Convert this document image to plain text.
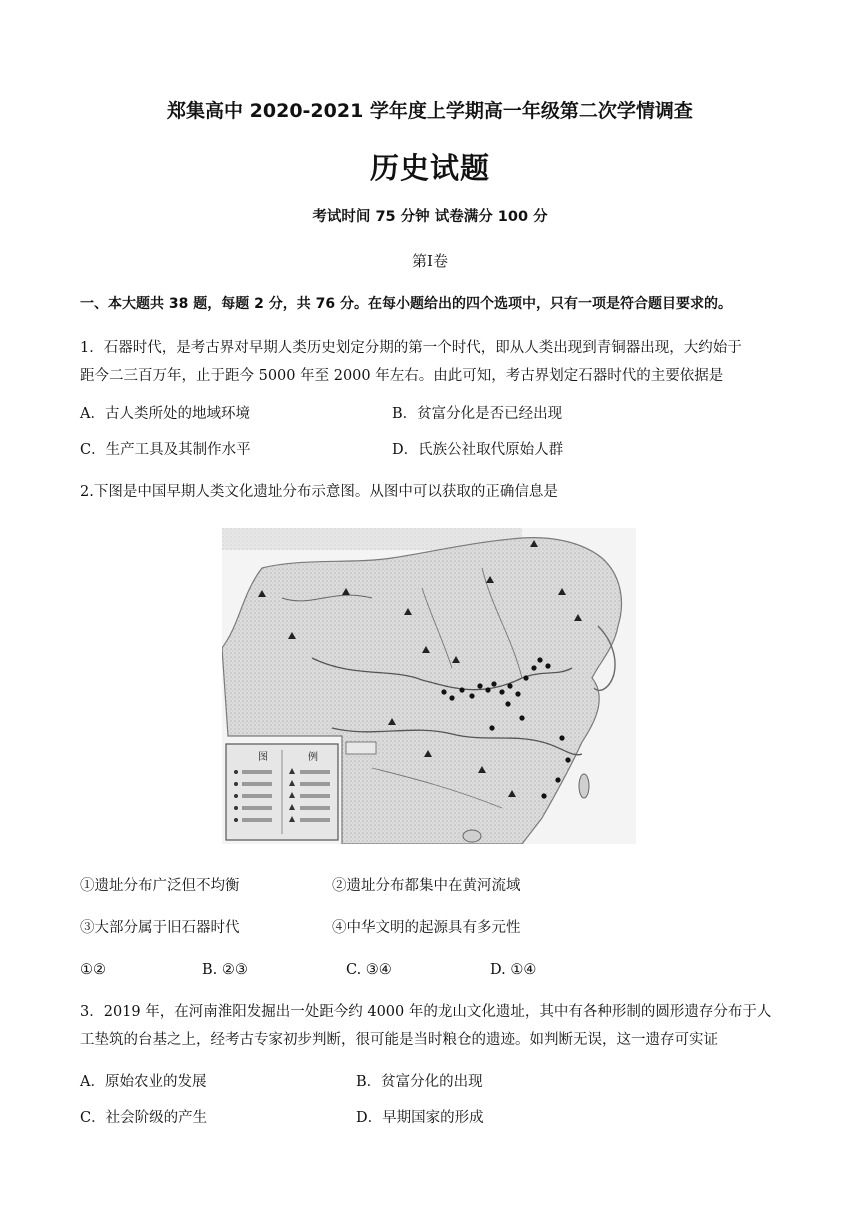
郑集高中 2020-2021 学年度上学期高一年级第二次学情调查
历史试题
考试时间 75 分钟 试卷满分 100 分
第Ⅰ卷
一、本大题共 38 题，每题 2 分，共 76 分。在每小题给出的四个选项中，只有一项是符合题目要求的。
1．石器时代，是考古界对早期人类历史划定分期的第一个时代，即从人类出现到青铜器出现，大约始于
距今二三百万年，止于距今 5000 年至 2000 年左右。由此可知，考古界划定石器时代的主要依据是
A．古人类所处的地域环境	B．贫富分化是否已经出现
C．生产工具及其制作水平	D．氏族公社取代原始人群
2.下图是中国早期人类文化遗址分布示意图。从图中可以获取的正确信息是
图	例
①遗址分布广泛但不均衡	②遗址分布都集中在黄河流域
③大部分属于旧石器时代	④中华文明的起源具有多元性
①②	B. ②③	C. ③④	D. ①④
3．2019 年，在河南淮阳发掘出一处距今约 4000 年的龙山文化遗址，其中有各种形制的圆形遗存分布于人
工垫筑的台基之上，经考古专家初步判断，很可能是当时粮仓的遗迹。如判断无误，这一遗存可实证
A．原始农业的发展	B．贫富分化的出现
C．社会阶级的产生	D．早期国家的形成
